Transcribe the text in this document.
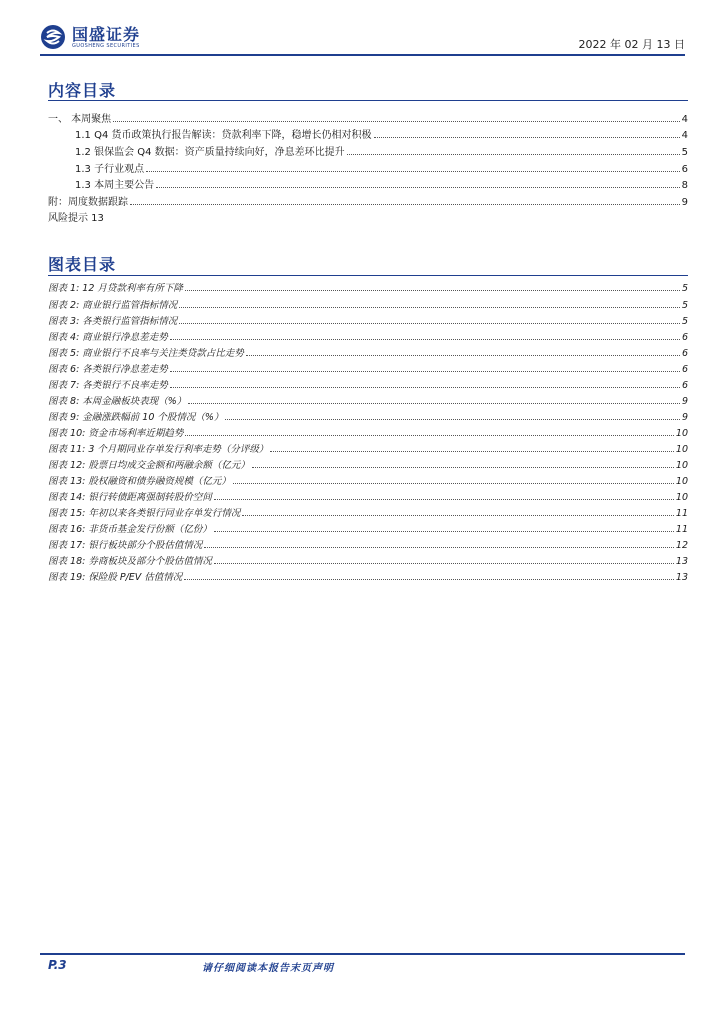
国盛证券
GUOSHENG SECURITIES	2022 年 02 月 13 日
内容目录
一、 本周聚焦	4
1.1 Q4 货币政策执行报告解读：贷款利率下降，稳增长仍相对积极	4
1.2 银保监会 Q4 数据：资产质量持续向好，净息差环比提升	5
1.3 子行业观点	6
1.3 本周主要公告	8
附：周度数据跟踪	9
风险提示 13
图表目录
图表 1: 12 月贷款利率有所下降	5
图表 2: 商业银行监管指标情况	5
图表 3: 各类银行监管指标情况	5
图表 4: 商业银行净息差走势	6
图表 5: 商业银行不良率与关注类贷款占比走势	6
图表 6: 各类银行净息差走势	6
图表 7: 各类银行不良率走势	6
图表 8: 本周金融板块表现（%）	9
图表 9: 金融涨跌幅前 10 个股情况（%）	9
图表 10: 资金市场利率近期趋势	10
图表 11: 3 个月期同业存单发行利率走势（分评级）	10
图表 12: 股票日均成交金额和两融余额（亿元）	10
图表 13: 股权融资和债券融资规模（亿元）	10
图表 14: 银行转债距离强制转股价空间	10
图表 15: 年初以来各类银行同业存单发行情况	11
图表 16: 非货币基金发行份额（亿份）	11
图表 17: 银行板块部分个股估值情况	12
图表 18: 券商板块及部分个股估值情况	13
图表 19: 保险股 P/EV 估值情况	13
P.3	请仔细阅读本报告末页声明
